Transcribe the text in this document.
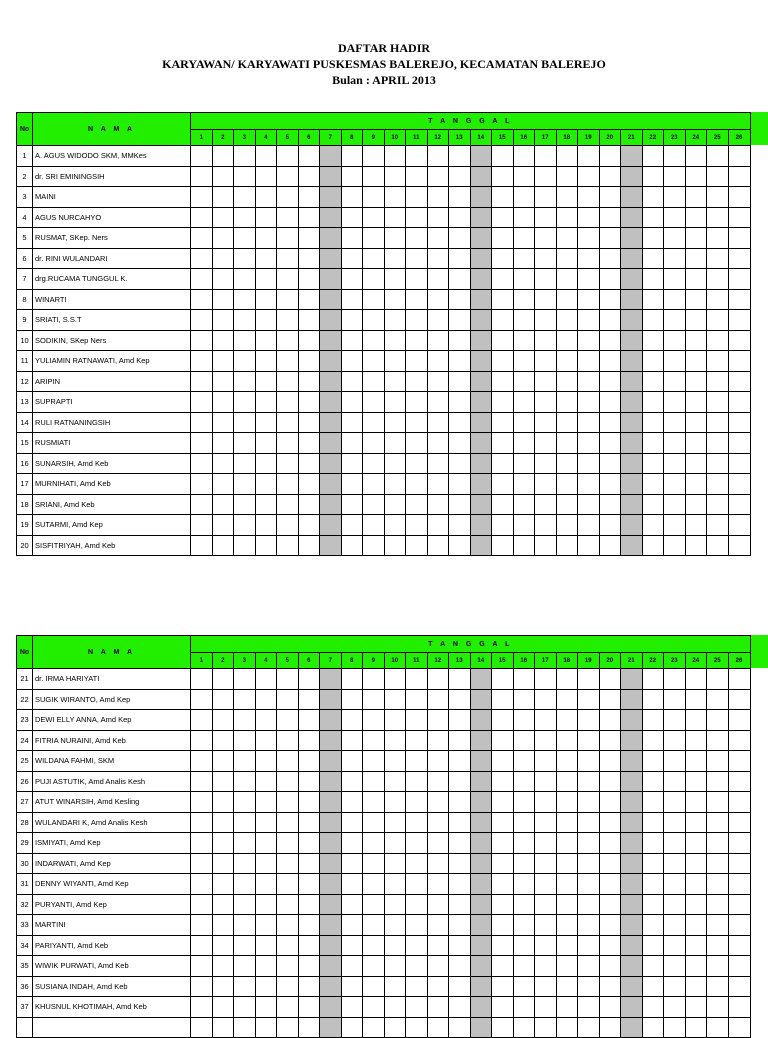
DAFTAR HADIR
KARYAWAN/ KARYAWATI PUSKESMAS BALEREJO, KECAMATAN BALEREJO
Bulan : APRIL 2013
No	N A M A	T A N G G A L																									
		1	2	3	4	5	6	7	8	9	10	11	12	13	14	15	16	17	18	19	20	21	22	23	24	25	26
1	A. AGUS WIDODO SKM, MMKes																										
2	dr. SRI EMININGSIH																										
3	MAINI																										
4	AGUS NURCAHYO																										
5	RUSMAT, SKep. Ners																										
6	dr. RINI WULANDARI																										
7	drg.RUCAMA TUNGGUL K.																										
8	WINARTI																										
9	SRIATI, S.S.T																										
10	SODIKIN, SKep Ners																										
11	YULIAMIN RATNAWATI, Amd Kep																										
12	ARIPIN																										
13	SUPRAPTI																										
14	RULI RATNANINGSIH																										
15	RUSMIATI																										
16	SUNARSIH, Amd Keb																										
17	MURNIHATI, Amd Keb																										
18	SRIANI, Amd Keb																										
19	SUTARMI, Amd Kep																										
20	SISFITRIYAH, Amd Keb																										
No	N A M A	T A N G G A L																									
		1	2	3	4	5	6	7	8	9	10	11	12	13	14	15	16	17	18	19	20	21	22	23	24	25	26
21	dr. IRMA HARIYATI																										
22	SUGIK WIRANTO, Amd Kep																										
23	DEWI ELLY ANNA, Amd Kep																										
24	FITRIA NURAINI, Amd Keb																										
25	WILDANA FAHMI, SKM																										
26	PUJI ASTUTIK, Amd Analis Kesh																										
27	ATUT WINARSIH, Amd Kesling																										
28	WULANDARI K, Amd Analis Kesh																										
29	ISMIYATI, Amd Kep																										
30	INDARWATI, Amd Kep																										
31	DENNY WIYANTI, Amd Kep																										
32	PURYANTI, Amd Kep																										
33	MARTINI																										
34	PARIYANTI, Amd Keb																										
35	WIWIK PURWATI, Amd Keb																										
36	SUSIANA INDAH, Amd Keb																										
37	KHUSNUL KHOTIMAH, Amd Keb																										
